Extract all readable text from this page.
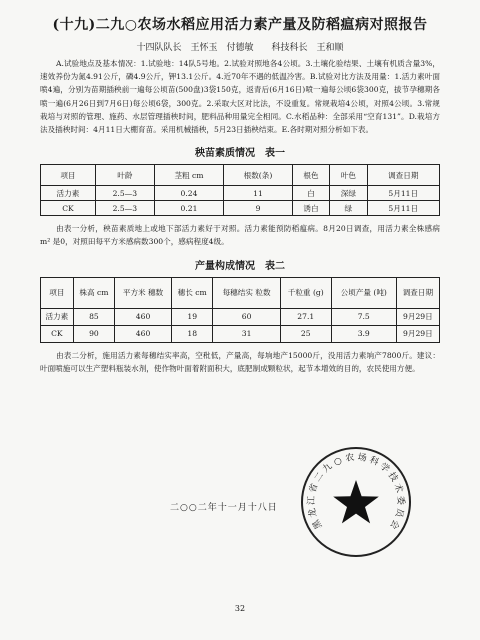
(十九)二九○农场水稻应用活力素产量及防稻瘟病对照报告
十四队队长　王怀玉　付德敏　　科技科长　王和顺

A.试验地点及基本情况：1.试验地：14队5号地。2.试验对照地各4公顷。3.土壤化验结果、土壤有机质含量3%，速效养份为氮4.91公斤，磷4.9公斤，钾13.1公斤。4.近70年不遇的低温冷害。B.试验对比方法及用量：1.活力素叶面喷4遍，分别为苗期插秧前一遍每公顷苗(500盘)3袋150克，返青后(6月16日)喷一遍每公顷6袋300克，拔节孕穗期各喷一遍(6月26日到7月6日)每公顷6袋，300克。2.采取大区对比法，不设重复。常规栽培4公顷，对照4公顷。3.常规栽培与对照的管理、施药、水层管理插秧时间，肥料品种用量完全相同。C.水稻品种：全部采用“空育131”。D.栽培方法及插秧时间：4月11日大棚育苗。采用机械插秧，5月23日插秧结束。E.各时期对照分析如下表。

秧苗素质情况　表一
项目	叶龄	茎粗 cm	根数(条)	根色	叶色	调查日期
活力素	2.5—3	0.24	11	白	深绿	5月11日
CK	2.5—3	0.21	9	诱白	绿	5月11日

由表一分析，秧苗素质地上或地下部活力素好于对照。活力素能预防稻瘟病。8月20日调查，用活力素全株感病 m² 是0，对照田每平方米感病数300个，感病程度4级。

产量构成情况　表二
项目	株高 cm	平方米 穗数	穗长 cm	每穗结实 粒数	千粒重 (g)	公顷产量 (吨)	调查日期
活力素	85	460	19	60	27.1	7.5	9月29日
CK	90	460	18	31	25	3.9	9月29日

由表二分析，施用活力素每穗结实率高，空秕低，产量高，每垧地产15000斤，没用活力素垧产7800斤。建议：叶面喷施可以生产塑料瓶装水剂，使作物叶面着附面积大，底肥制成颗粒状，起节本增效的目的，农民使用方便。

二○○二年十一月十八日
黑
龙
江
省
二
九
○ 农 场 科
学
技
术
委
员
会
32
